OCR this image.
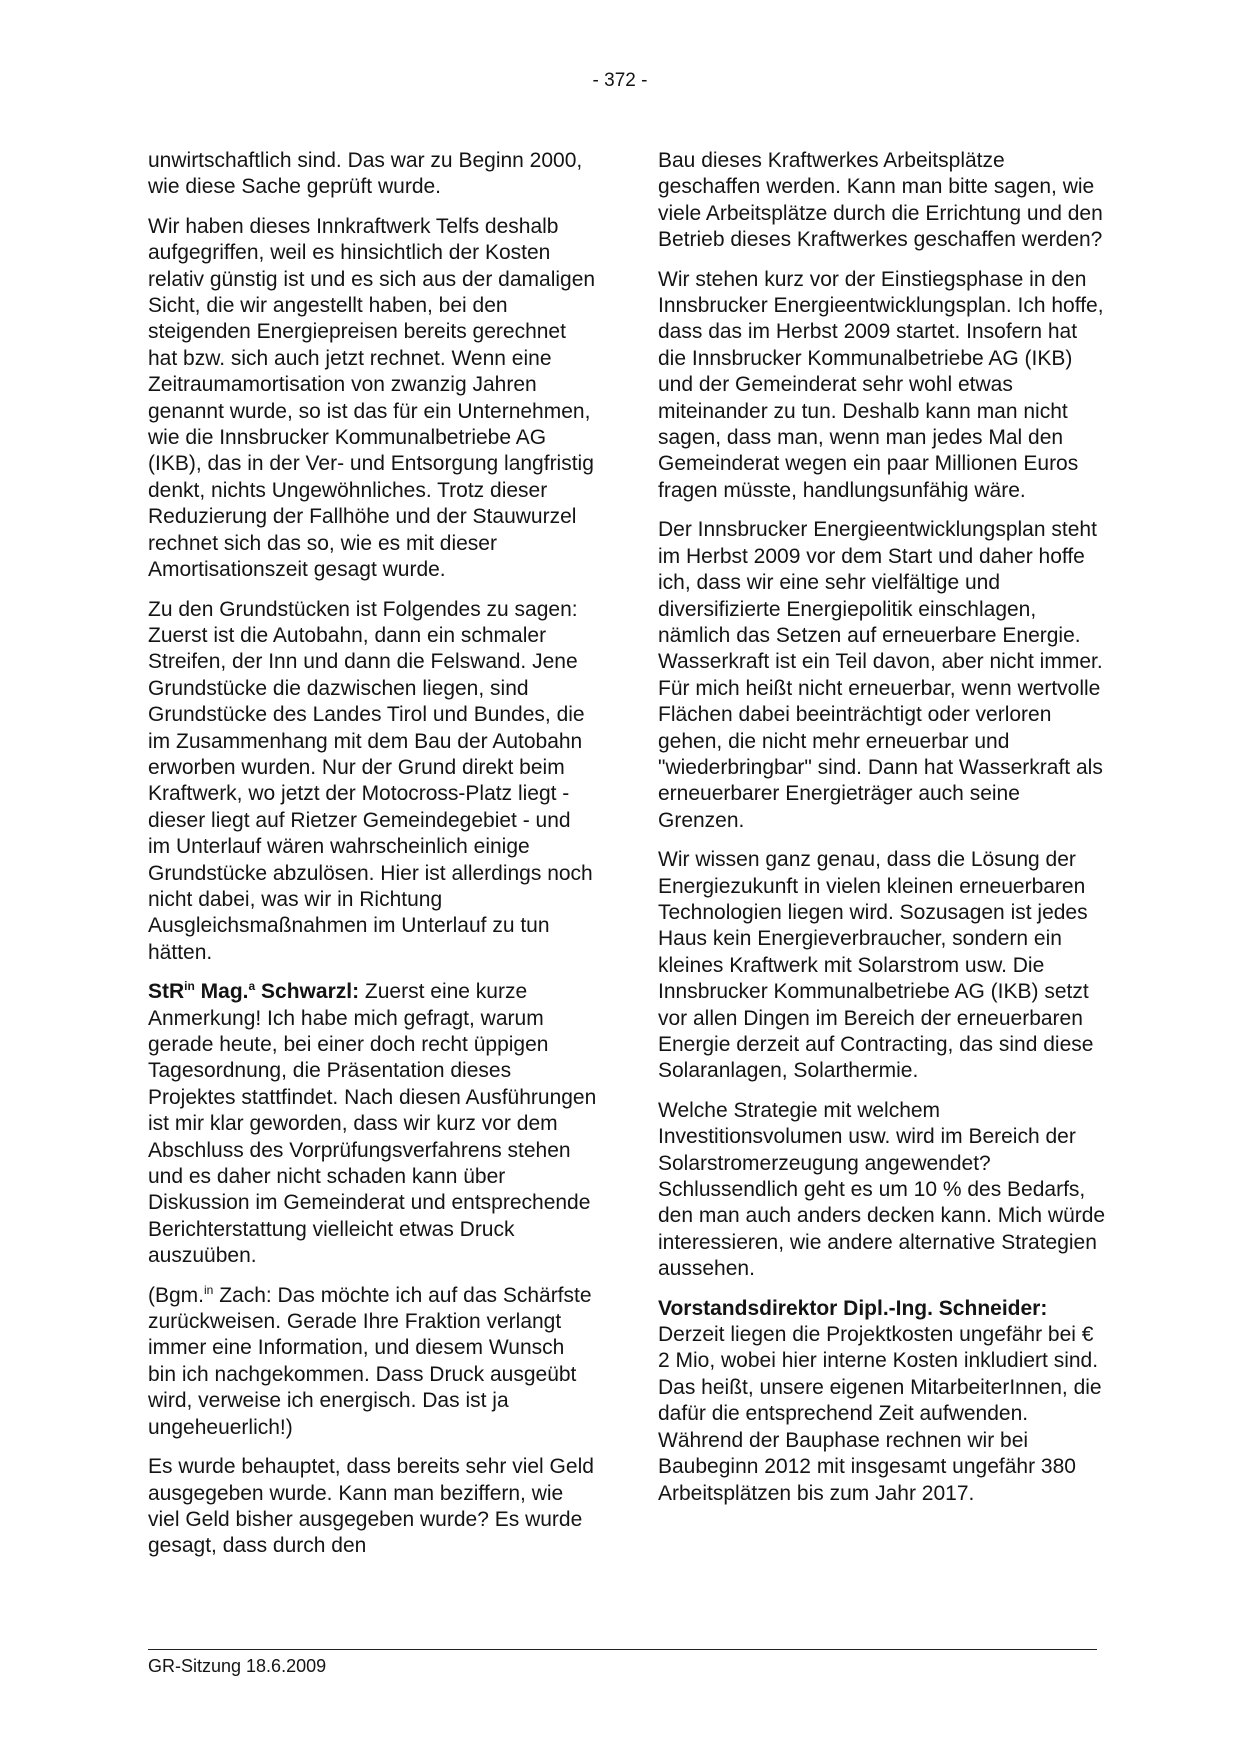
- 372 -

unwirtschaftlich sind. Das war zu Beginn 2000, wie diese Sache geprüft wurde.

Wir haben dieses Innkraftwerk Telfs deshalb aufgegriffen, weil es hinsichtlich der Kosten relativ günstig ist und es sich aus der damaligen Sicht, die wir angestellt haben, bei den steigenden Energiepreisen bereits gerechnet hat bzw. sich auch jetzt rechnet. Wenn eine Zeitraumamortisation von zwanzig Jahren genannt wurde, so ist das für ein Unternehmen, wie die Innsbrucker Kommunalbetriebe AG (IKB), das in der Ver- und Entsorgung langfristig denkt, nichts Ungewöhnliches. Trotz dieser Reduzierung der Fallhöhe und der Stauwurzel rechnet sich das so, wie es mit dieser Amortisationszeit gesagt wurde.

Zu den Grundstücken ist Folgendes zu sagen: Zuerst ist die Autobahn, dann ein schmaler Streifen, der Inn und dann die Felswand. Jene Grundstücke die dazwischen liegen, sind Grundstücke des Landes Tirol und Bundes, die im Zusammenhang mit dem Bau der Autobahn erworben wurden. Nur der Grund direkt beim Kraftwerk, wo jetzt der Motocross-Platz liegt - dieser liegt auf Rietzer Gemeindegebiet - und im Unterlauf wären wahrscheinlich einige Grundstücke abzulösen. Hier ist allerdings noch nicht dabei, was wir in Richtung Ausgleichsmaßnahmen im Unterlauf zu tun hätten.

StR$^{in}$ Mag.$^a$ Schwarzl: Zuerst eine kurze Anmerkung! Ich habe mich gefragt, warum gerade heute, bei einer doch recht üppigen Tagesordnung, die Präsentation dieses Projektes stattfindet. Nach diesen Ausführungen ist mir klar geworden, dass wir kurz vor dem Abschluss des Vorprüfungsverfahrens stehen und es daher nicht schaden kann über Diskussion im Gemeinderat und entsprechende Berichterstattung vielleicht etwas Druck auszuüben.

(Bgm.$^{in}$ Zach: Das möchte ich auf das Schärfste zurückweisen. Gerade Ihre Fraktion verlangt immer eine Information, und diesem Wunsch bin ich nachgekommen. Dass Druck ausgeübt wird, verweise ich energisch. Das ist ja ungeheuerlich!)

Es wurde behauptet, dass bereits sehr viel Geld ausgegeben wurde. Kann man beziffern, wie viel Geld bisher ausgegeben wurde? Es wurde gesagt, dass durch den

Bau dieses Kraftwerkes Arbeitsplätze geschaffen werden. Kann man bitte sagen, wie viele Arbeitsplätze durch die Errichtung und den Betrieb dieses Kraftwerkes geschaffen werden?

Wir stehen kurz vor der Einstiegsphase in den Innsbrucker Energieentwicklungsplan. Ich hoffe, dass das im Herbst 2009 startet. Insofern hat die Innsbrucker Kommunalbetriebe AG (IKB) und der Gemeinderat sehr wohl etwas miteinander zu tun. Deshalb kann man nicht sagen, dass man, wenn man jedes Mal den Gemeinderat wegen ein paar Millionen Euros fragen müsste, handlungsunfähig wäre.

Der Innsbrucker Energieentwicklungsplan steht im Herbst 2009 vor dem Start und daher hoffe ich, dass wir eine sehr vielfältige und diversifizierte Energiepolitik einschlagen, nämlich das Setzen auf erneuerbare Energie. Wasserkraft ist ein Teil davon, aber nicht immer. Für mich heißt nicht erneuerbar, wenn wertvolle Flächen dabei beeinträchtigt oder verloren gehen, die nicht mehr erneuerbar und "wiederbringbar" sind. Dann hat Wasserkraft als erneuerbarer Energieträger auch seine Grenzen.

Wir wissen ganz genau, dass die Lösung der Energiezukunft in vielen kleinen erneuerbaren Technologien liegen wird. Sozusagen ist jedes Haus kein Energieverbraucher, sondern ein kleines Kraftwerk mit Solarstrom usw. Die Innsbrucker Kommunalbetriebe AG (IKB) setzt vor allen Dingen im Bereich der erneuerbaren Energie derzeit auf Contracting, das sind diese Solaranlagen, Solarthermie.

Welche Strategie mit welchem Investitionsvolumen usw. wird im Bereich der Solarstromerzeugung angewendet? Schlussendlich geht es um 10 % des Bedarfs, den man auch anders decken kann. Mich würde interessieren, wie andere alternative Strategien aussehen.

Vorstandsdirektor Dipl.-Ing. Schneider:
Derzeit liegen die Projektkosten ungefähr bei € 2 Mio, wobei hier interne Kosten inkludiert sind. Das heißt, unsere eigenen MitarbeiterInnen, die dafür die entsprechend Zeit aufwenden. Während der Bauphase rechnen wir bei Baubeginn 2012 mit insgesamt ungefähr 380 Arbeitsplätzen bis zum Jahr 2017.

GR-Sitzung 18.6.2009
